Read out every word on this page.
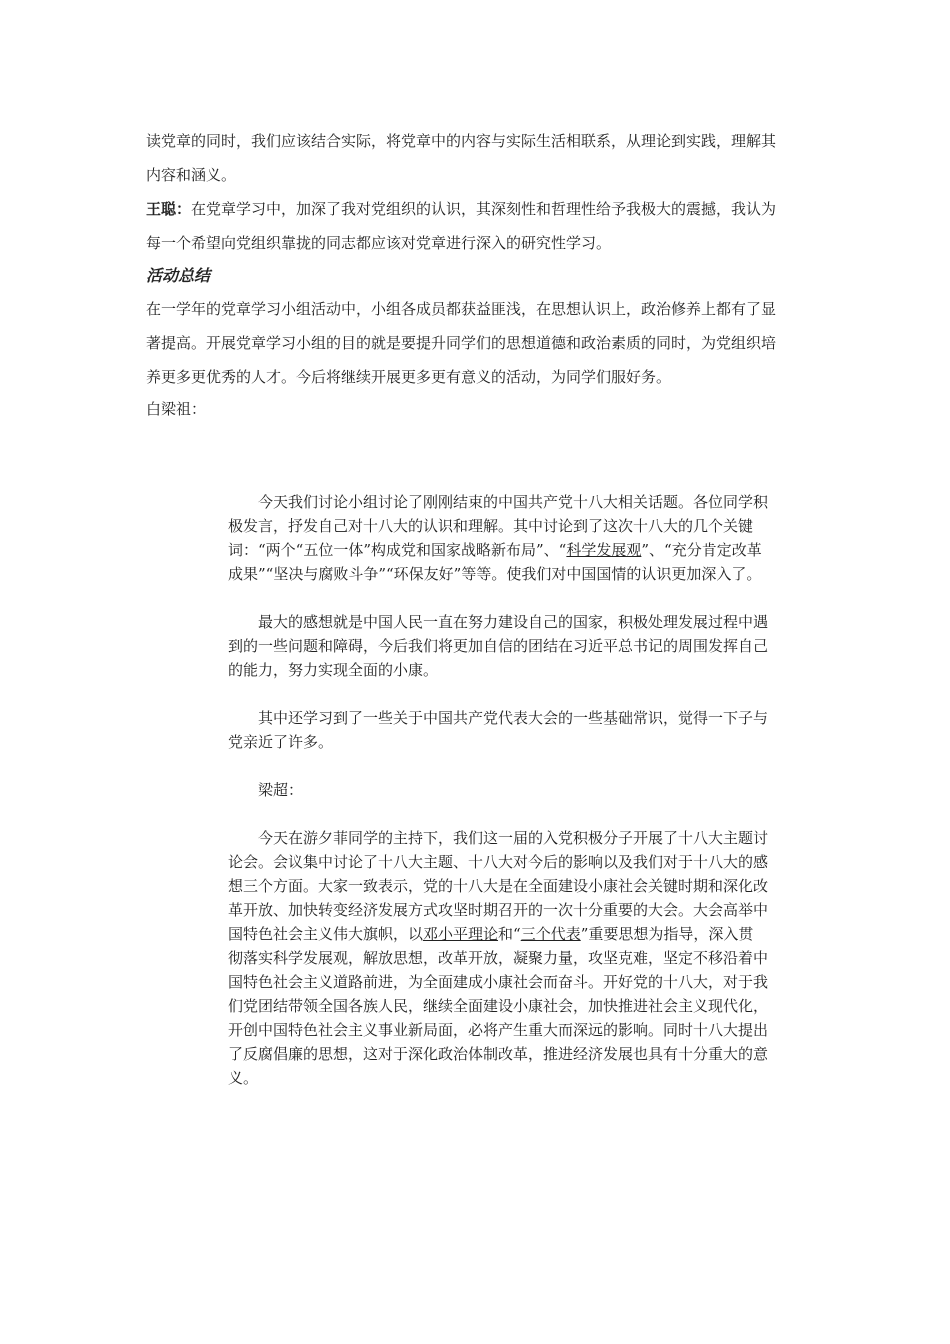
读党章的同时，我们应该结合实际，将党章中的内容与实际生活相联系，从理论到实践，理解其内容和涵义。

王聪：在党章学习中，加深了我对党组织的认识，其深刻性和哲理性给予我极大的震撼，我认为每一个希望向党组织靠拢的同志都应该对党章进行深入的研究性学习。

活动总结

在一学年的党章学习小组活动中，小组各成员都获益匪浅，在思想认识上，政治修养上都有了显著提高。开展党章学习小组的目的就是要提升同学们的思想道德和政治素质的同时，为党组织培养更多更优秀的人才。今后将继续开展更多更有意义的活动，为同学们服好务。

白梁祖：

今天我们讨论小组讨论了刚刚结束的中国共产党十八大相关话题。各位同学积极发言，抒发自己对十八大的认识和理解。其中讨论到了这次十八大的几个关键词：“两个“五位一体”构成党和国家战略新布局”、“科学发展观”、“充分肯定改革成果”“坚决与腐败斗争”“环保友好”等等。使我们对中国国情的认识更加深入了。

最大的感想就是中国人民一直在努力建设自己的国家，积极处理发展过程中遇到的一些问题和障碍，今后我们将更加自信的团结在习近平总书记的周围发挥自己的能力，努力实现全面的小康。

其中还学习到了一些关于中国共产党代表大会的一些基础常识，觉得一下子与党亲近了许多。

梁超：

今天在游夕菲同学的主持下，我们这一届的入党积极分子开展了十八大主题讨论会。会议集中讨论了十八大主题、十八大对今后的影响以及我们对于十八大的感想三个方面。大家一致表示，党的十八大是在全面建设小康社会关键时期和深化改革开放、加快转变经济发展方式攻坚时期召开的一次十分重要的大会。大会高举中国特色社会主义伟大旗帜，以邓小平理论和“三个代表”重要思想为指导，深入贯彻落实科学发展观，解放思想，改革开放，凝聚力量，攻坚克难，坚定不移沿着中国特色社会主义道路前进，为全面建成小康社会而奋斗。开好党的十八大，对于我们党团结带领全国各族人民，继续全面建设小康社会，加快推进社会主义现代化，开创中国特色社会主义事业新局面，必将产生重大而深远的影响。同时十八大提出了反腐倡廉的思想，这对于深化政治体制改革，推进经济发展也具有十分重大的意义。
